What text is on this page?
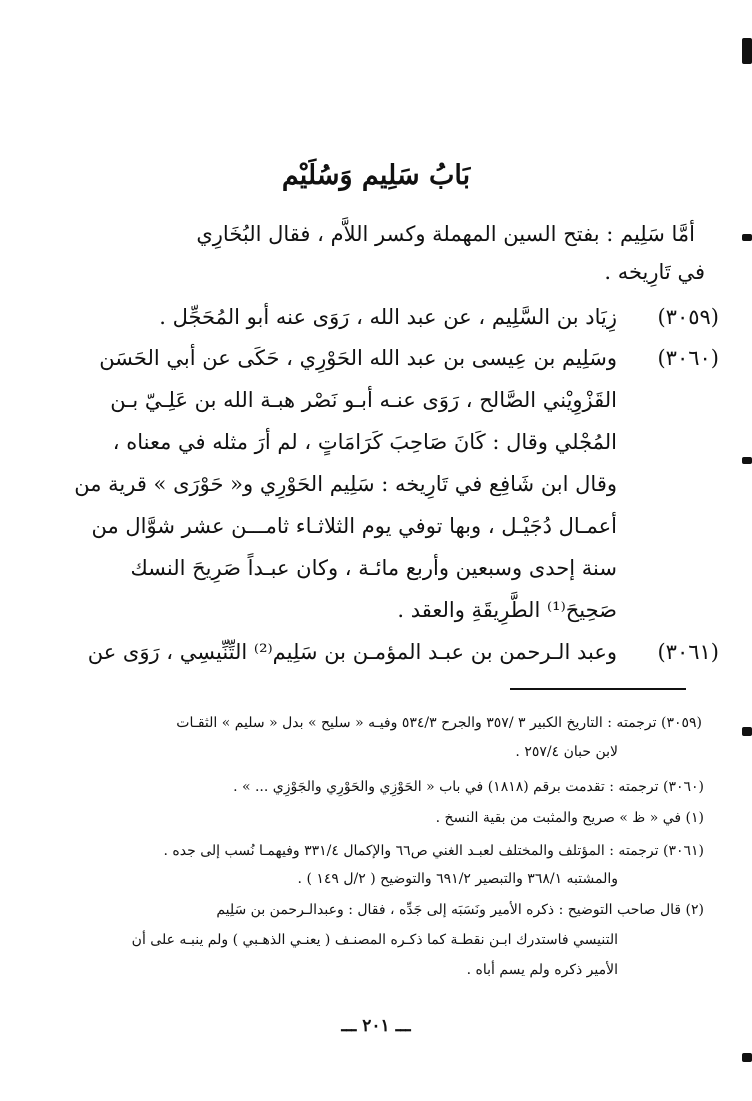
بَابُ سَلِيم وَسُلَيْم
أمَّا سَلِيم : بفتح السين المهملة وكسر اللاَّم ، فقال البُخَارِي
في تَارِيخه .
(٣٠٥٩)
زِيَاد بن السَّلِيم ، عن عبد الله ، رَوَى عنه أبو المُحَجِّل .
(٣٠٦٠)
وسَلِيم بن عِيسى بن عبد الله الحَوْرِي ، حَكَى عن أبي الحَسَن
القَزْوِيْني الصَّالح ، رَوَى عنـه أبـو نَصْر هبـة الله بن عَلِـيّ بـن
المُجْلي وقال : كَانَ صَاحِبَ كَرَامَاتٍ ، لم أرَ مثله في معناه ،
وقال ابن شَافِع في تَارِيخه : سَلِيم الحَوْرِي و« حَوْرَى » قرية من
أعمـال دُجَيْـل ، وبها توفي يوم الثلاثـاء ثامـــن عشر شوَّال من
سنة إحدى وسبعين وأربع مائـة ، وكان عبـداً صَرِيحَ النسك
صَحِيحَ⁽¹⁾ الطَّرِيقَةِ والعقد .
(٣٠٦١)
وعبد الـرحمن بن عبـد المؤمـن بن سَلِيم⁽²⁾ التِّنِّيسِي ، رَوَى عن
(٣٠٥٩) ترجمته : التاريخ الكبير ٣ /٣٥٧ والجرح ٥٣٤/٣ وفيـه « سليح » بدل « سليم » الثقـات
لابن حبان ٢٥٧/٤ .
(٣٠٦٠) ترجمته : تقدمت برقم (١٨١٨) في باب « الحَوْزِي والحَوْرِي والجَوْزِي ... » .
(١) في « ظ » صريح والمثبت من بقية النسخ .
(٣٠٦١) ترجمته : المؤتلف والمختلف لعبـد الغني ص٦٦ والإكمال ٣٣١/٤ وفيهمـا نُسب إلى جده .
والمشتبه ٣٦٨/١ والتبصير ٦٩١/٢ والتوضيح ( ٢/ل ١٤٩ ) .
(٢) قال صاحب التوضيح : ذكره الأمير ونَسَبَه إلى جَدِّه ، فقال : وعبدالـرحمن بن سَلِيم
التنيسي فاستدرك ابـن نقطـة كما ذكـره المصنـف ( يعنـي الذهـبي ) ولم ينبـه على أن
الأمير ذكره ولم يسم أباه .
ـــ ٢٠١ ـــ
